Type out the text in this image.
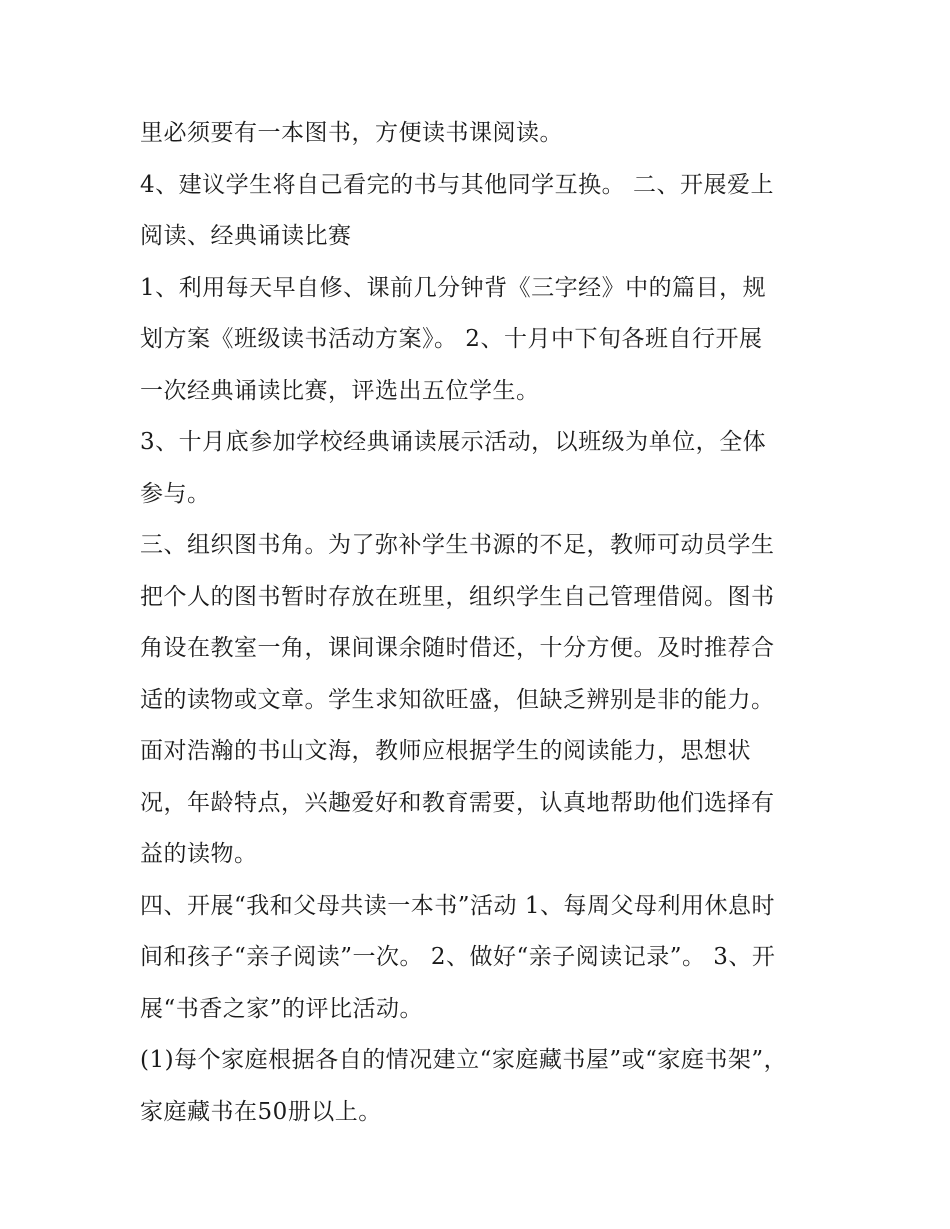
里必须要有一本图书，方便读书课阅读。
4、建议学生将自己看完的书与其他同学互换。 二、开展爱上
阅读、经典诵读比赛
1、利用每天早自修、课前几分钟背《三字经》中的篇目，规
划方案《班级读书活动方案》。 2、十月中下旬各班自行开展
一次经典诵读比赛，评选出五位学生。
3、十月底参加学校经典诵读展示活动，以班级为单位，全体
参与。
三、组织图书角。为了弥补学生书源的不足，教师可动员学生
把个人的图书暂时存放在班里，组织学生自己管理借阅。图书
角设在教室一角，课间课余随时借还，十分方便。及时推荐合
适的读物或文章。学生求知欲旺盛，但缺乏辨别是非的能力。
面对浩瀚的书山文海，教师应根据学生的阅读能力，思想状
况，年龄特点，兴趣爱好和教育需要，认真地帮助他们选择有
益的读物。
四、开展“我和父母共读一本书”活动 1、每周父母利用休息时
间和孩子“亲子阅读”一次。 2、做好“亲子阅读记录”。 3、开
展“书香之家”的评比活动。
(1)每个家庭根据各自的情况建立“家庭藏书屋”或“家庭书架”，
家庭藏书在50册以上。
